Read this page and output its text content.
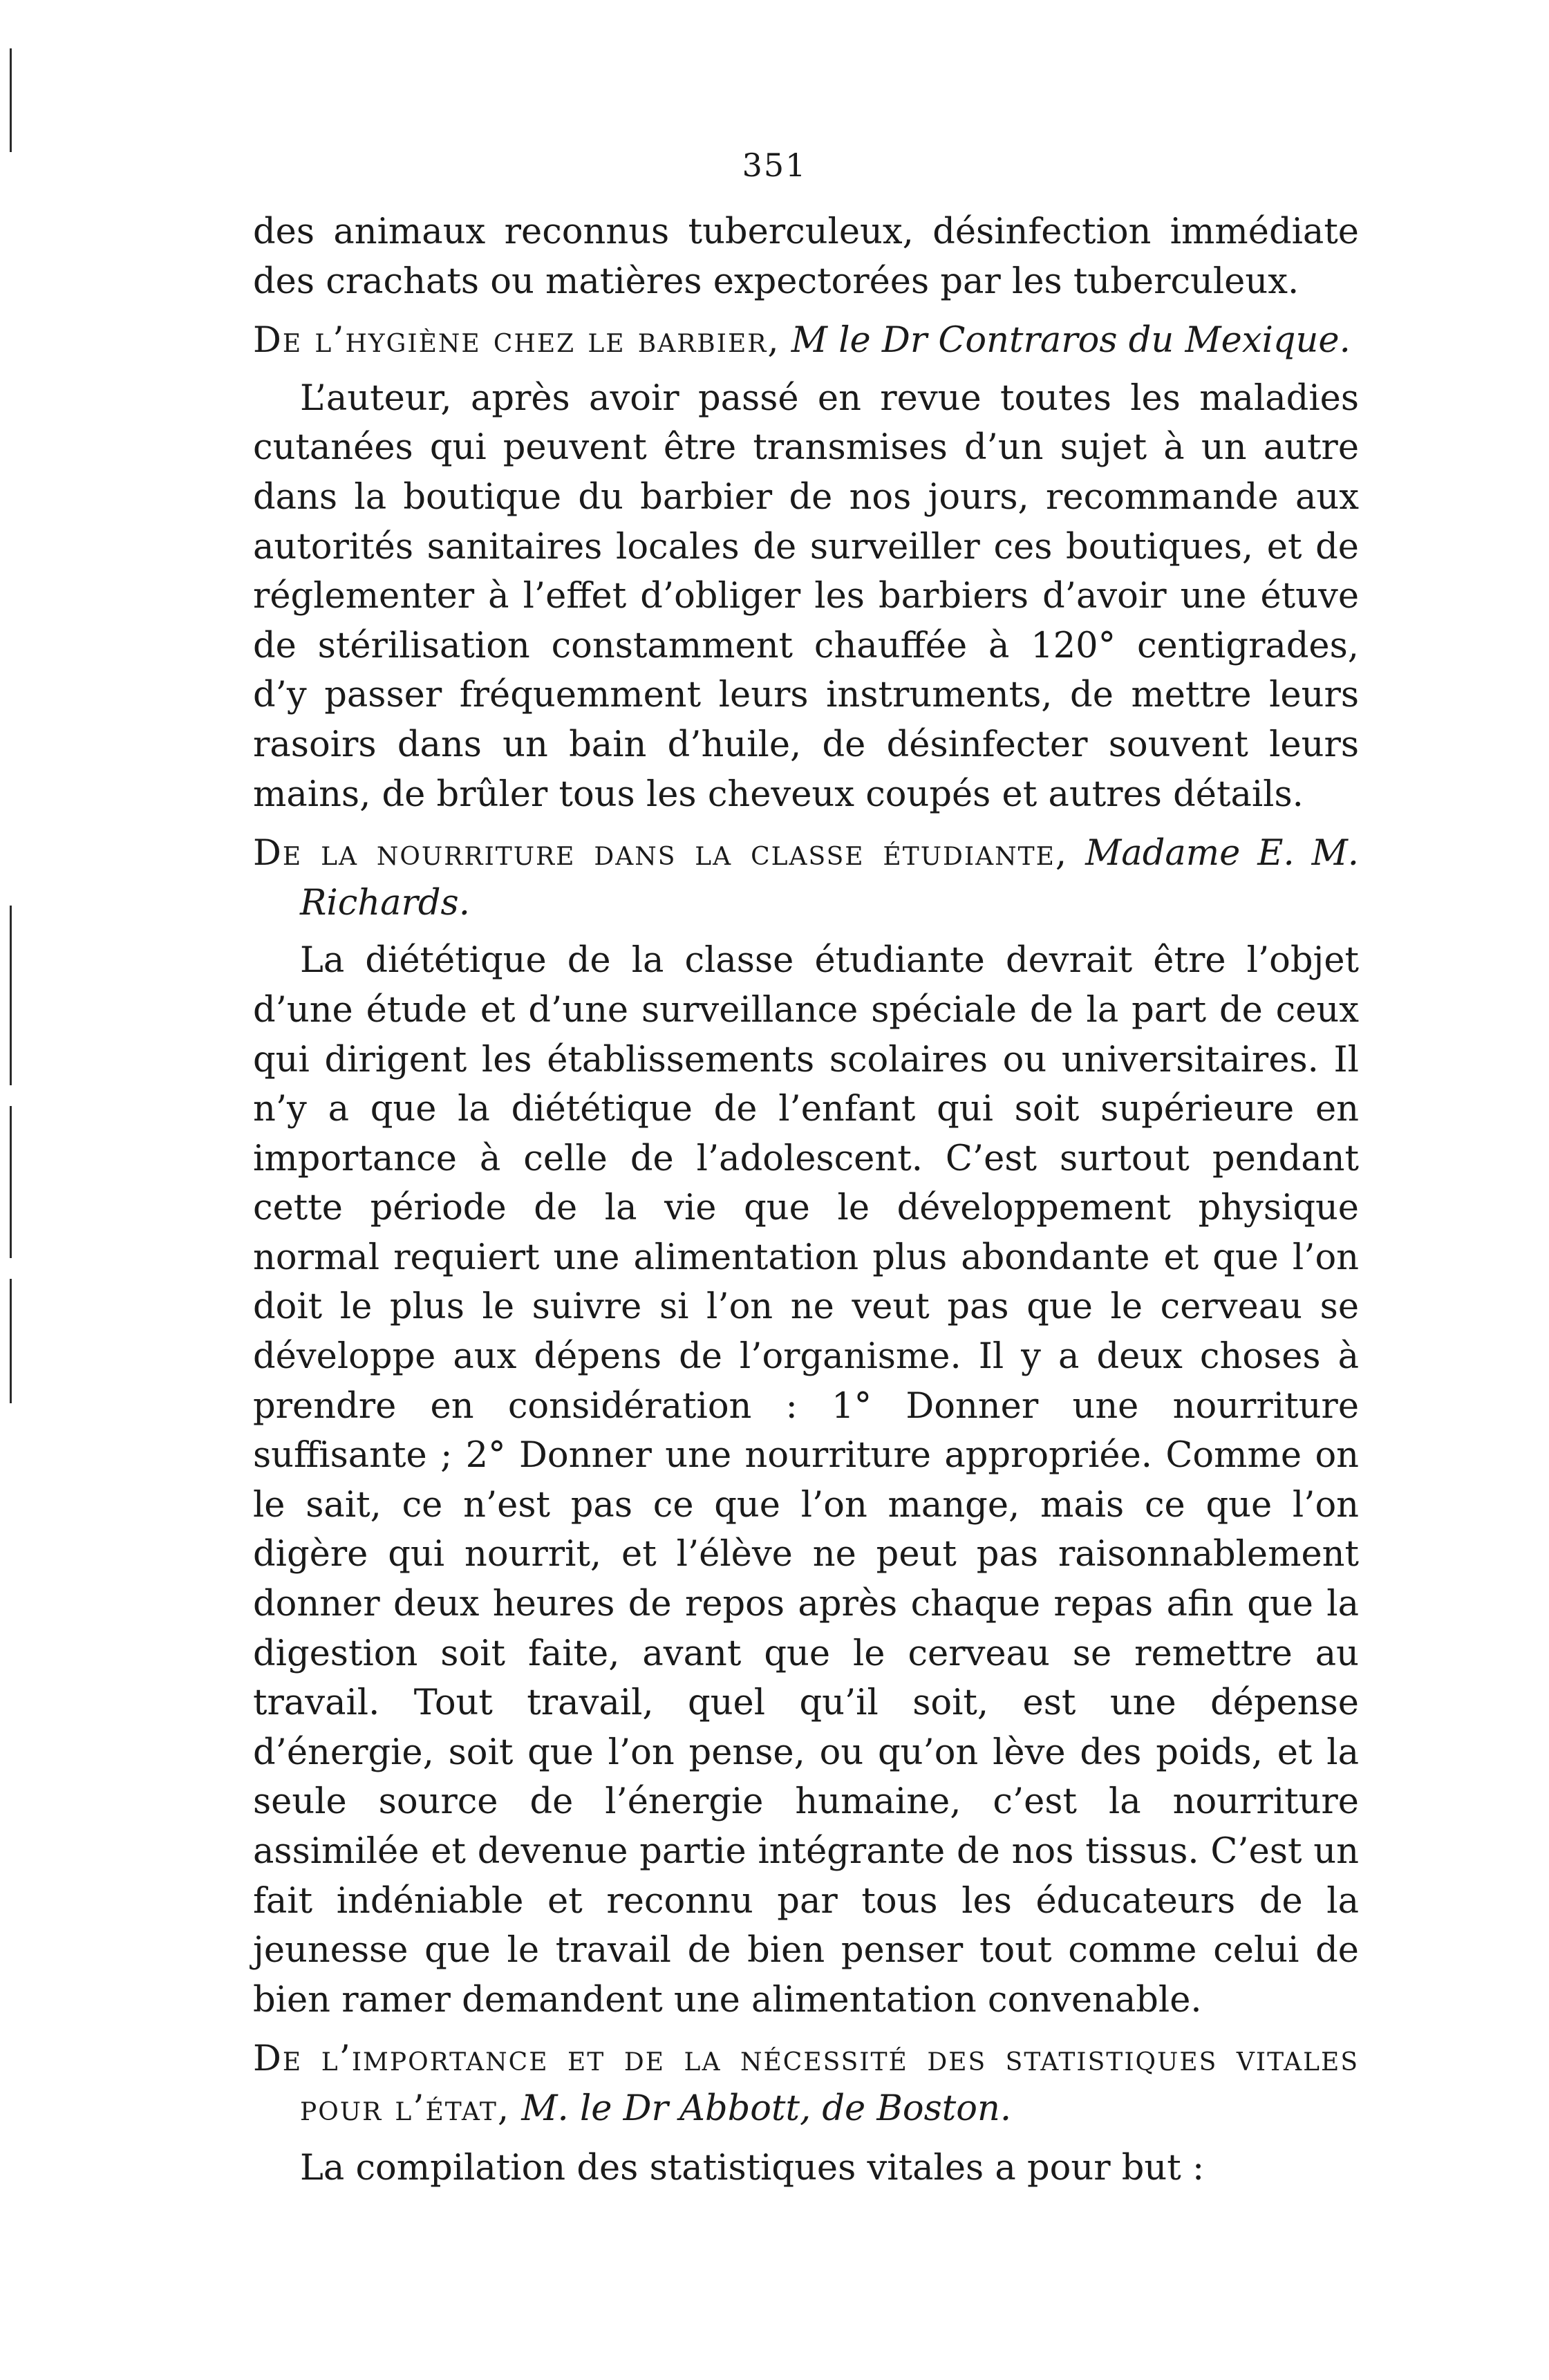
351

des animaux reconnus tuberculeux, désinfection immédiate des crachats ou matières expectorées par les tuberculeux.

De l’hygiène chez le barbier, M le Dr Contraros du Mexique.

L’auteur, après avoir passé en revue toutes les maladies cutanées qui peuvent être transmises d’un sujet à un autre dans la boutique du barbier de nos jours, recommande aux autorités sanitaires locales de surveiller ces boutiques, et de réglementer à l’effet d’obliger les barbiers d’avoir une étuve de stérilisation constamment chauffée à 120° centigrades, d’y passer fréquemment leurs instruments, de mettre leurs rasoirs dans un bain d’huile, de désinfecter souvent leurs mains, de brûler tous les cheveux coupés et autres détails.

De la nourriture dans la classe étudiante, Madame E. M. Richards.

La diététique de la classe étudiante devrait être l’objet d’une étude et d’une surveillance spéciale de la part de ceux qui dirigent les établissements scolaires ou universitaires. Il n’y a que la diététique de l’enfant qui soit supérieure en importance à celle de l’adolescent. C’est surtout pendant cette période de la vie que le développement physique normal requiert une alimentation plus abondante et que l’on doit le plus le suivre si l’on ne veut pas que le cerveau se développe aux dépens de l’organisme. Il y a deux choses à prendre en considération : 1° Donner une nourriture suffisante ; 2° Donner une nourriture appropriée. Comme on le sait, ce n’est pas ce que l’on mange, mais ce que l’on digère qui nourrit, et l’élève ne peut pas raisonnablement donner deux heures de repos après chaque repas afin que la digestion soit faite, avant que le cerveau se remettre au travail. Tout travail, quel qu’il soit, est une dépense d’énergie, soit que l’on pense, ou qu’on lève des poids, et la seule source de l’énergie humaine, c’est la nourriture assimilée et devenue partie intégrante de nos tissus. C’est un fait indéniable et reconnu par tous les éducateurs de la jeunesse que le travail de bien penser tout comme celui de bien ramer demandent une alimentation convenable.

De l’importance et de la nécessité des statistiques vitales pour l’état, M. le Dr Abbott, de Boston.

La compilation des statistiques vitales a pour but :
